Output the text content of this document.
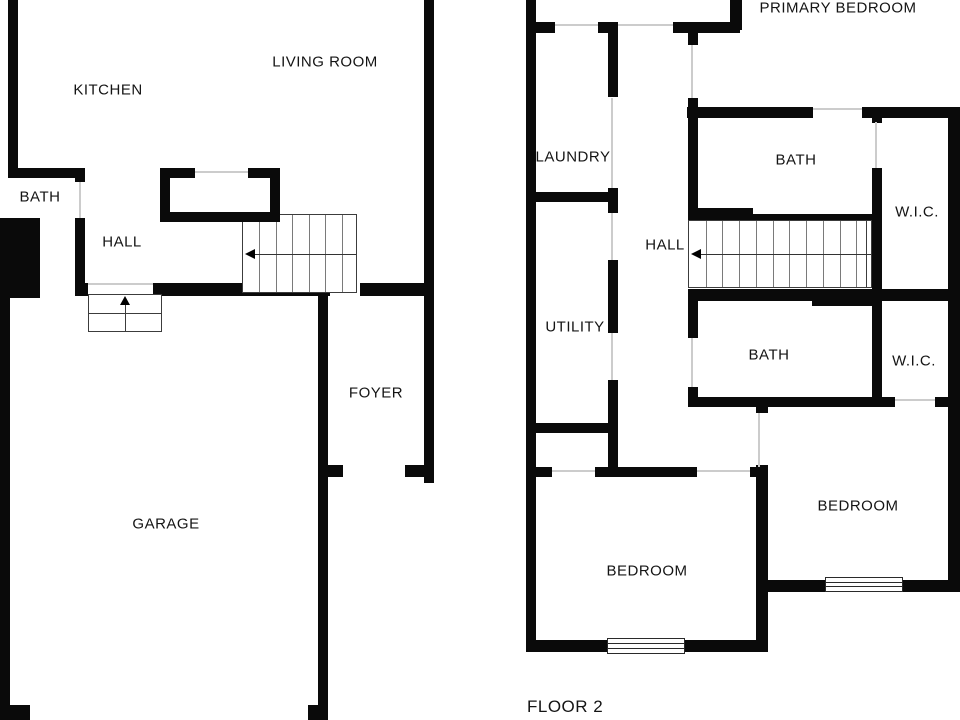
FLOOR 2
KITCHEN
LIVING ROOM
BATH
HALL
FOYER
GARAGE
PRIMARY BEDROOM
LAUNDRY	BATH
W.I.C.
HALL
UTILITY
BATH	W.I.C.
BEDROOM
BEDROOM
